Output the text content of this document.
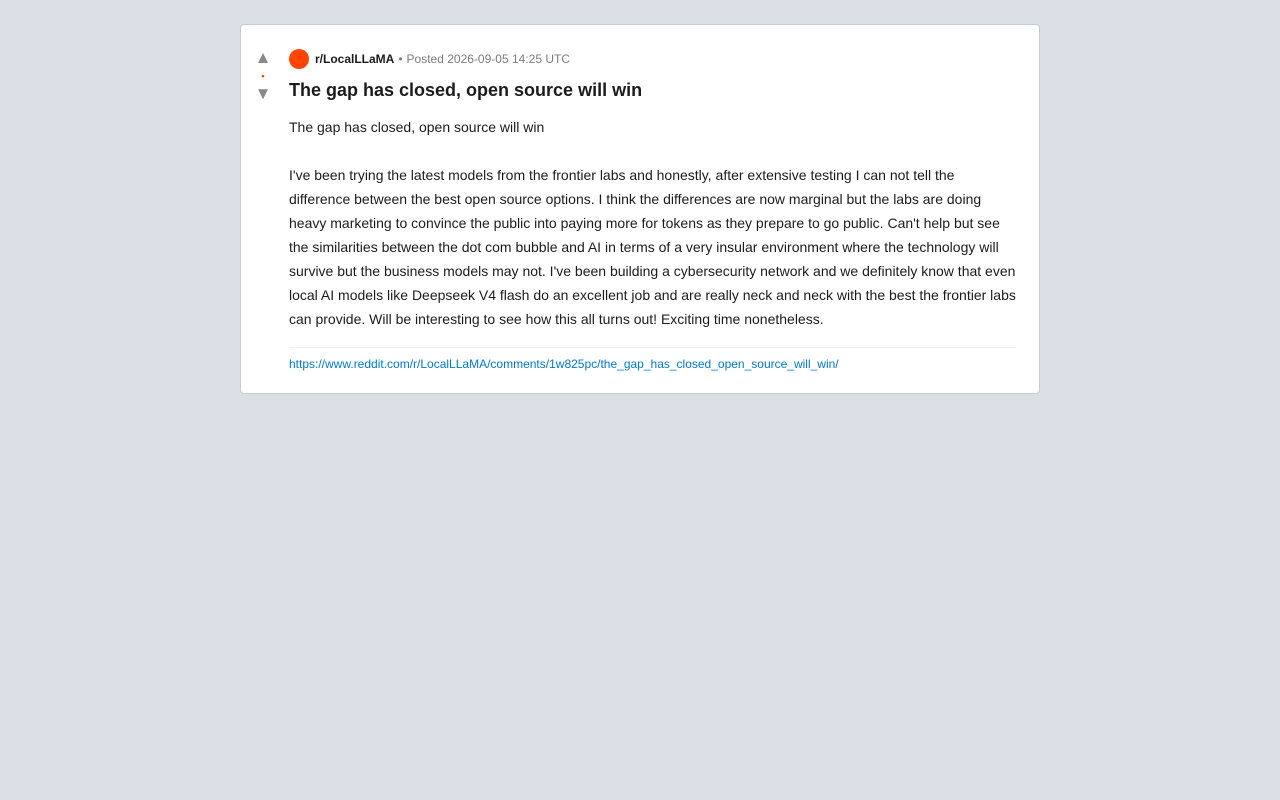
▲
•
▼
r/LocalLLaMA • Posted 2026-09-05 14:25 UTC
The gap has closed, open source will win
The gap has closed, open source will win

I've been trying the latest models from the frontier labs and honestly, after extensive testing I can not tell the difference between the best open source options. I think the differences are now marginal but the labs are doing heavy marketing to convince the public into paying more for tokens as they prepare to go public. Can't help but see the similarities between the dot com bubble and AI in terms of a very insular environment where the technology will survive but the business models may not. I've been building a cybersecurity network and we definitely know that even local AI models like Deepseek V4 flash do an excellent job and are really neck and neck with the best the frontier labs can provide. Will be interesting to see how this all turns out! Exciting time nonetheless.
https://www.reddit.com/r/LocalLLaMA/comments/1w825pc/the_gap_has_closed_open_source_will_win/
